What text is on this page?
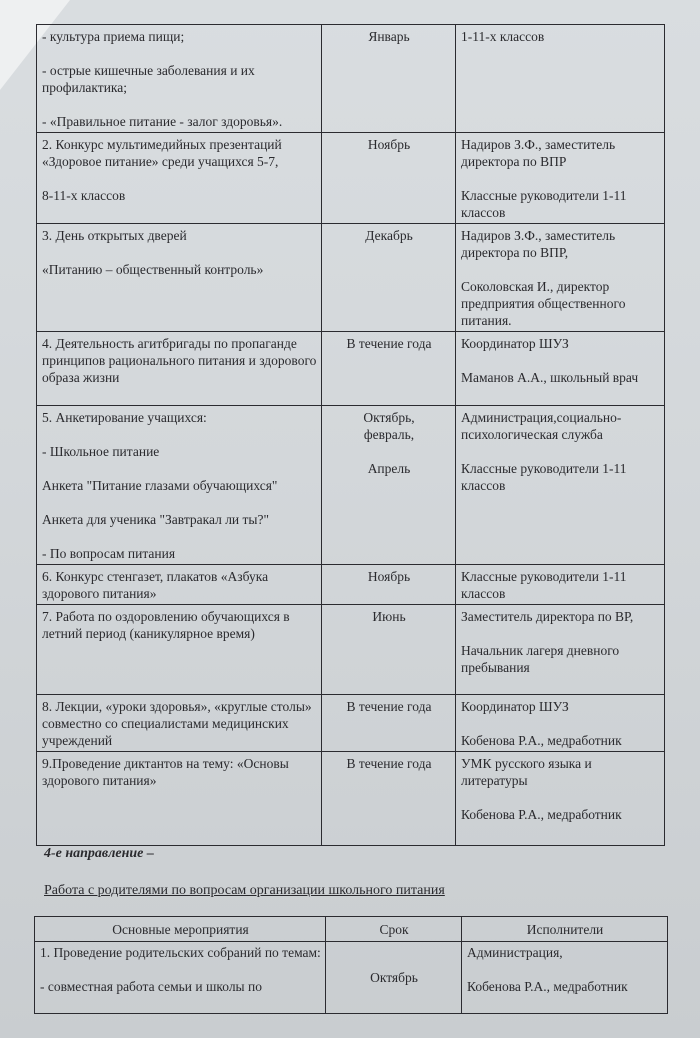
- культура приема пищи;
- острые кишечные заболевания и их профилактика;
- «Правильное питание - залог здоровья».	Январь	1-11-х классов

2. Конкурс мультимедийных презентаций «Здоровое питание» среди учащихся 5-7,
8-11-х классов	Ноябрь	Надиров З.Ф., заместитель директора по ВПР
Классные руководители 1-11 классов

3. День открытых дверей
«Питанию – общественный контроль»	Декабрь	Надиров З.Ф., заместитель директора по ВПР,
Соколовская И., директор предприятия общественного питания.

4. Деятельность агитбригады по пропаганде принципов рационального питания и здорового образа жизни	В течение года	Координатор ШУЗ
Маманов А.А., школьный врач

5. Анкетирование учащихся:
- Школьное питание
Анкета "Питание глазами обучающихся"
Анкета для ученика "Завтракал ли ты?"
- По вопросам питания	Октябрь,
февраль,
Апрель	Администрация,социально-психологическая служба
Классные руководители 1-11 классов

6. Конкурс стенгазет, плакатов «Азбука здорового питания»	Ноябрь	Классные руководители 1-11 классов

7. Работа по оздоровлению обучающихся в летний период (каникулярное время)	Июнь	Заместитель директора по ВР,
Начальник лагеря дневного пребывания

8. Лекции, «уроки здоровья», «круглые столы» совместно со специалистами медицинских учреждений	В течение года	Координатор ШУЗ
Кобенова Р.А., медработник

9.Проведение диктантов на тему: «Основы здорового питания»	В течение года	УМК русского языка и литературы
Кобенова Р.А., медработник
4-е направление –
Работа с родителями по вопросам организации школьного питания
Основные мероприятия	Срок	Исполнители

1. Проведение родительских собраний по темам:
- совместная работа семьи и школы по	Октябрь	Администрация,
Кобенова Р.А., медработник
